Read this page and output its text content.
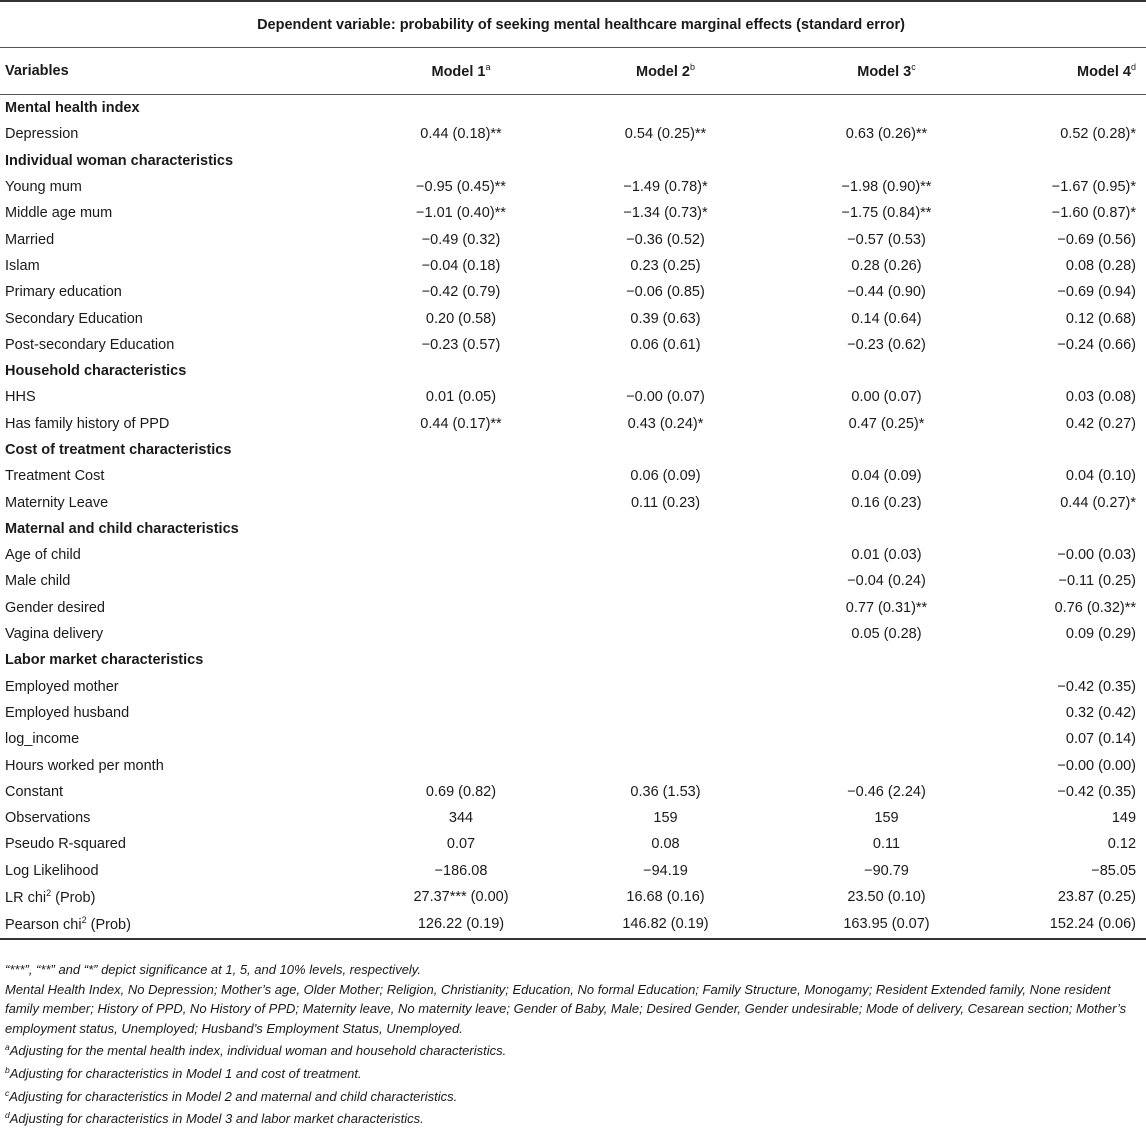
Dependent variable: probability of seeking mental healthcare marginal effects (standard error)				
Variables	Model 1$^a$	Model 2$^b$	Model 3$^c$	Model 4$^d$
Mental health index				
Depression	0.44 (0.18)**	0.54 (0.25)**	0.63 (0.26)**	0.52 (0.28)*
Individual woman characteristics				
Young mum	−0.95 (0.45)**	−1.49 (0.78)*	−1.98 (0.90)**	−1.67 (0.95)*
Middle age mum	−1.01 (0.40)**	−1.34 (0.73)*	−1.75 (0.84)**	−1.60 (0.87)*
Married	−0.49 (0.32)	−0.36 (0.52)	−0.57 (0.53)	−0.69 (0.56)
Islam	−0.04 (0.18)	0.23 (0.25)	0.28 (0.26)	0.08 (0.28)
Primary education	−0.42 (0.79)	−0.06 (0.85)	−0.44 (0.90)	−0.69 (0.94)
Secondary Education	0.20 (0.58)	0.39 (0.63)	0.14 (0.64)	0.12 (0.68)
Post-secondary Education	−0.23 (0.57)	0.06 (0.61)	−0.23 (0.62)	−0.24 (0.66)
Household characteristics				
HHS	0.01 (0.05)	−0.00 (0.07)	0.00 (0.07)	0.03 (0.08)
Has family history of PPD	0.44 (0.17)**	0.43 (0.24)*	0.47 (0.25)*	0.42 (0.27)
Cost of treatment characteristics				
Treatment Cost		0.06 (0.09)	0.04 (0.09)	0.04 (0.10)
Maternity Leave		0.11 (0.23)	0.16 (0.23)	0.44 (0.27)*
Maternal and child characteristics				
Age of child			0.01 (0.03)	−0.00 (0.03)
Male child			−0.04 (0.24)	−0.11 (0.25)
Gender desired			0.77 (0.31)**	0.76 (0.32)**
Vagina delivery			0.05 (0.28)	0.09 (0.29)
Labor market characteristics				
Employed mother				−0.42 (0.35)
Employed husband				0.32 (0.42)
log_income				0.07 (0.14)
Hours worked per month				−0.00 (0.00)
Constant	0.69 (0.82)	0.36 (1.53)	−0.46 (2.24)	−0.42 (0.35)
Observations	344	159	159	149
Pseudo R-squared	0.07	0.08	0.11	0.12
Log Likelihood	−186.08	−94.19	−90.79	−85.05
LR chi$^2$ (Prob)	27.37*** (0.00)	16.68 (0.16)	23.50 (0.10)	23.87 (0.25)
Pearson chi$^2$ (Prob)	126.22 (0.19)	146.82 (0.19)	163.95 (0.07)	152.24 (0.06)

“***”, “**” and “*” depict significance at 1, 5, and 10% levels, respectively.

Mental Health Index, No Depression; Mother’s age, Older Mother; Religion, Christianity; Education, No formal Education; Family Structure, Monogamy; Resident Extended family, None resident family member; History of PPD, No History of PPD; Maternity leave, No maternity leave; Gender of Baby, Male; Desired Gender, Gender undesirable; Mode of delivery, Cesarean section; Mother’s employment status, Unemployed; Husband’s Employment Status, Unemployed.

$^a$Adjusting for the mental health index, individual woman and household characteristics.

$^b$Adjusting for characteristics in Model 1 and cost of treatment.

$^c$Adjusting for characteristics in Model 2 and maternal and child characteristics.

$^d$Adjusting for characteristics in Model 3 and labor market characteristics.
